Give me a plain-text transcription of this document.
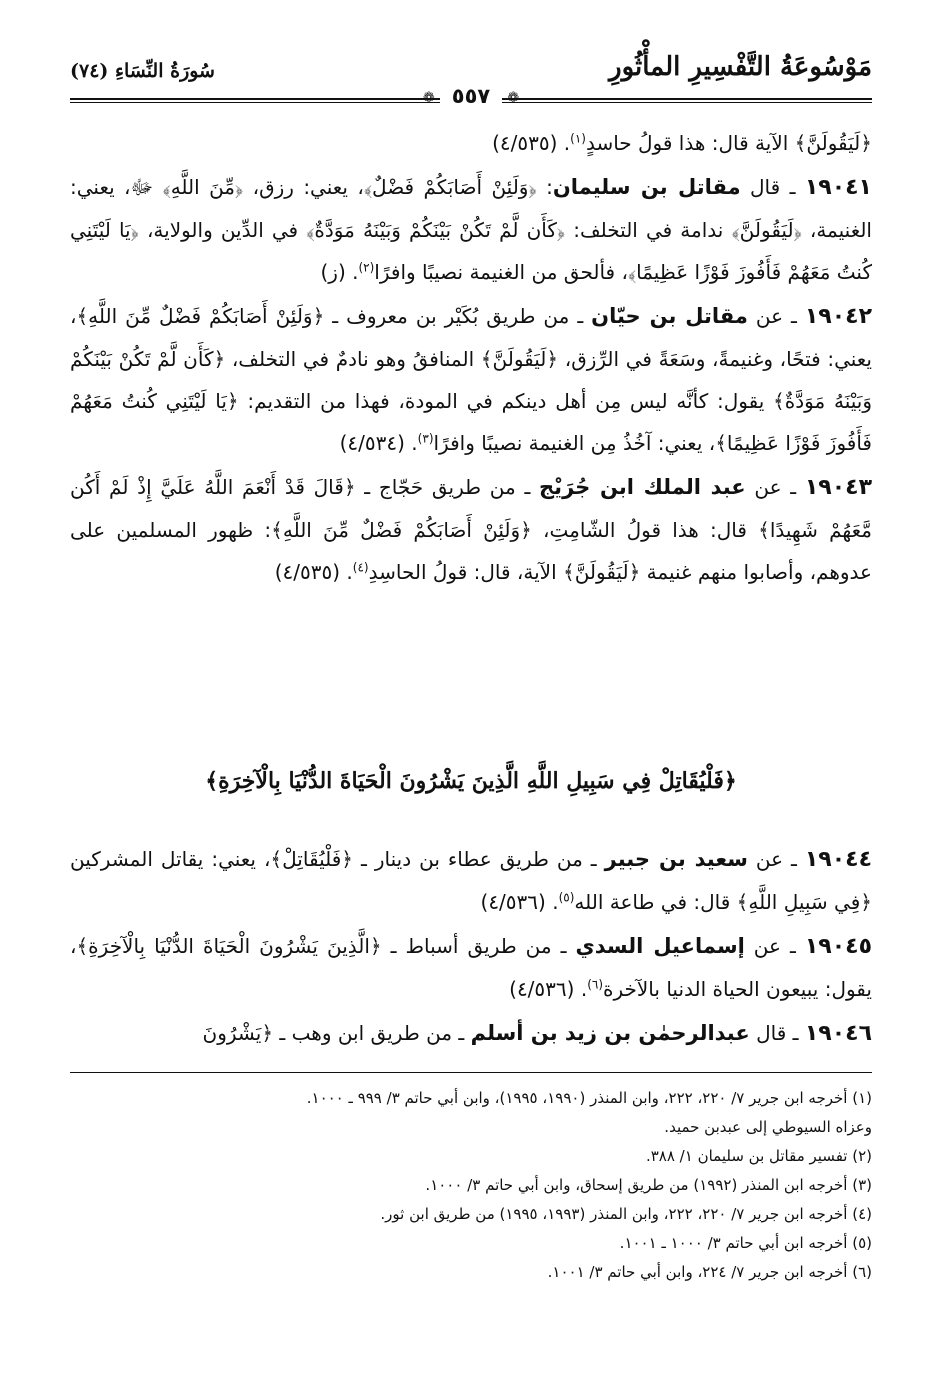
مَوْسُوعَةُ التَّفْسِيرِ المأْثُورِ
سُورَةُ النِّسَاءِ (٧٤)
❁ ٥٥٧ ❁

﴿لَيَقُولَنَّ﴾ الآية قال: هذا قولُ حاسدٍ$^{(١)}$. (٤/٥٣٥)

١٩٠٤١ ـ قال مقاتل بن سليمان: ﴿وَلَئِنْ أَصَابَكُمْ فَضْلٌ﴾، يعني: رزق، ﴿مِّنَ اللَّهِ﴾ ﷻ، يعني: الغنيمة، ﴿لَيَقُولَنَّ﴾ ندامة في التخلف: ﴿كَأَن لَّمْ تَكُنْ بَيْنَكُمْ وَبَيْنَهُ مَوَدَّةٌ﴾ في الدِّين والولاية، ﴿يَا لَيْتَنِي كُنتُ مَعَهُمْ فَأَفُوزَ فَوْزًا عَظِيمًا﴾، فألحق من الغنيمة نصيبًا وافرًا$^{(٢)}$. (ز)

١٩٠٤٢ ـ عن مقاتل بن حيّان ـ من طريق بُكَيْر بن معروف ـ ﴿وَلَئِنْ أَصَابَكُمْ فَضْلٌ مِّنَ اللَّهِ﴾، يعني: فتحًا، وغنيمةً، وسَعَةً في الرِّزق، ﴿لَيَقُولَنَّ﴾ المنافقُ وهو نادمٌ في التخلف، ﴿كَأَن لَّمْ تَكُنْ بَيْنَكُمْ وَبَيْنَهُ مَوَدَّةٌ﴾ يقول: كأنَّه ليس مِن أهل دينكم في المودة، فهذا من التقديم: ﴿يَا لَيْتَنِي كُنتُ مَعَهُمْ فَأَفُوزَ فَوْزًا عَظِيمًا﴾، يعني: آخُذُ مِن الغنيمة نصيبًا وافرًا$^{(٣)}$. (٤/٥٣٤)

١٩٠٤٣ ـ عن عبد الملك ابن جُرَيْج ـ من طريق حَجّاج ـ ﴿قَالَ قَدْ أَنْعَمَ اللَّهُ عَلَيَّ إِذْ لَمْ أَكُن مَّعَهُمْ شَهِيدًا﴾ قال: هذا قولُ الشّامِتِ، ﴿وَلَئِنْ أَصَابَكُمْ فَضْلٌ مِّنَ اللَّهِ﴾: ظهور المسلمين على عدوهم، وأصابوا منهم غنيمة ﴿لَيَقُولَنَّ﴾ الآية، قال: قولُ الحاسِدِ$^{(٤)}$. (٤/٥٣٥)

﴿فَلْيُقَاتِلْ فِي سَبِيلِ اللَّهِ الَّذِينَ يَشْرُونَ الْحَيَاةَ الدُّنْيَا بِالْآخِرَةِ﴾

١٩٠٤٤ ـ عن سعيد بن جبير ـ من طريق عطاء بن دينار ـ ﴿فَلْيُقَاتِلْ﴾، يعني: يقاتل المشركين ﴿فِي سَبِيلِ اللَّهِ﴾ قال: في طاعة الله$^{(٥)}$. (٤/٥٣٦)

١٩٠٤٥ ـ عن إسماعيل السدي ـ من طريق أسباط ـ ﴿الَّذِينَ يَشْرُونَ الْحَيَاةَ الدُّنْيَا بِالْآخِرَةِ﴾، يقول: يبيعون الحياة الدنيا بالآخرة$^{(٦)}$. (٤/٥٣٦)

١٩٠٤٦ ـ قال عبدالرحمٰن بن زيد بن أسلم ـ من طريق ابن وهب ـ ﴿يَشْرُونَ

(١) أخرجه ابن جرير ٧/ ٢٢٠، ٢٢٢، وابن المنذر (١٩٩٠، ١٩٩٥)، وابن أبي حاتم ٣/ ٩٩٩ ـ ١٠٠٠.

وعزاه السيوطي إلى عبدبن حميد.

(٢) تفسير مقاتل بن سليمان ١/ ٣٨٨.

(٣) أخرجه ابن المنذر (١٩٩٢) من طريق إسحاق، وابن أبي حاتم ٣/ ١٠٠٠.

(٤) أخرجه ابن جرير ٧/ ٢٢٠، ٢٢٢، وابن المنذر (١٩٩٣، ١٩٩٥) من طريق ابن ثور.

(٥) أخرجه ابن أبي حاتم ٣/ ١٠٠٠ ـ ١٠٠١.

(٦) أخرجه ابن جرير ٧/ ٢٢٤، وابن أبي حاتم ٣/ ١٠٠١.
